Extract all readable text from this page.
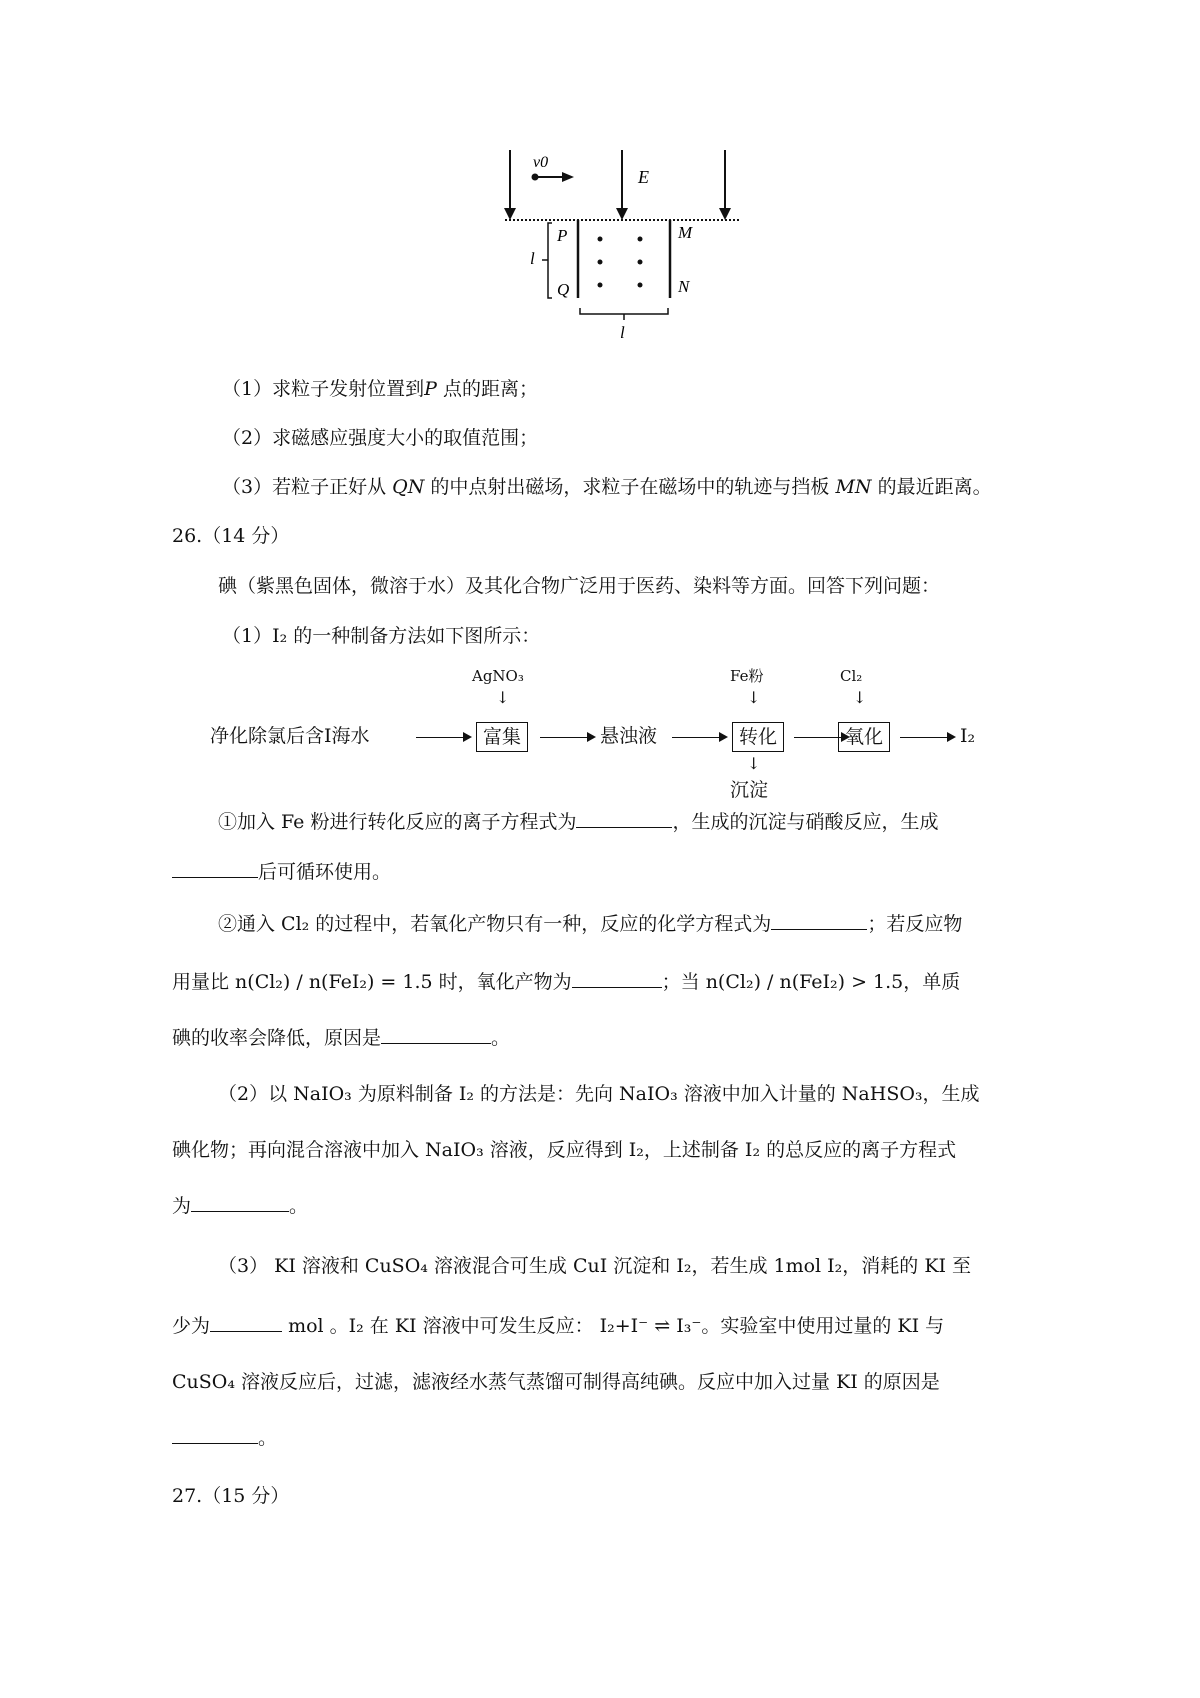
v0
E
P
Q
M
N
l
l
（1）求粒子发射位置到P 点的距离；
（2）求磁感应强度大小的取值范围；
（3）若粒子正好从 QN 的中点射出磁场，求粒子在磁场中的轨迹与挡板 MN 的最近距离。
26.（14 分）
碘（紫黑色固体，微溶于水）及其化合物广泛用于医药、染料等方面。回答下列问题：
（1）I₂ 的一种制备方法如下图所示：
净化除氯后含I海水
AgNO₃
↓
富集	悬浊液
Fe粉
↓
转化
↓
沉淀
Cl₂
↓
氧化	I₂
①加入 Fe 粉进行转化反应的离子方程式为	，生成的沉淀与硝酸反应，生成
后可循环使用。
②通入 Cl₂ 的过程中，若氧化产物只有一种，反应的化学方程式为	；若反应物
用量比 n(Cl₂) / n(FeI₂) = 1.5 时，氧化产物为	；当 n(Cl₂) / n(FeI₂) > 1.5，单质
碘的收率会降低，原因是	。
（2）以 NaIO₃ 为原料制备 I₂ 的方法是：先向 NaIO₃ 溶液中加入计量的 NaHSO₃，生成
碘化物；再向混合溶液中加入 NaIO₃ 溶液，反应得到 I₂，上述制备 I₂ 的总反应的离子方程式
为	。
（3） KI 溶液和 CuSO₄ 溶液混合可生成 CuI 沉淀和 I₂，若生成 1mol I₂，消耗的 KI 至
少为	mol 。I₂ 在 KI 溶液中可发生反应： I₂+I⁻ ⇌ I₃⁻。实验室中使用过量的 KI 与
CuSO₄ 溶液反应后，过滤，滤液经水蒸气蒸馏可制得高纯碘。反应中加入过量 KI 的原因是
。
27.（15 分）
